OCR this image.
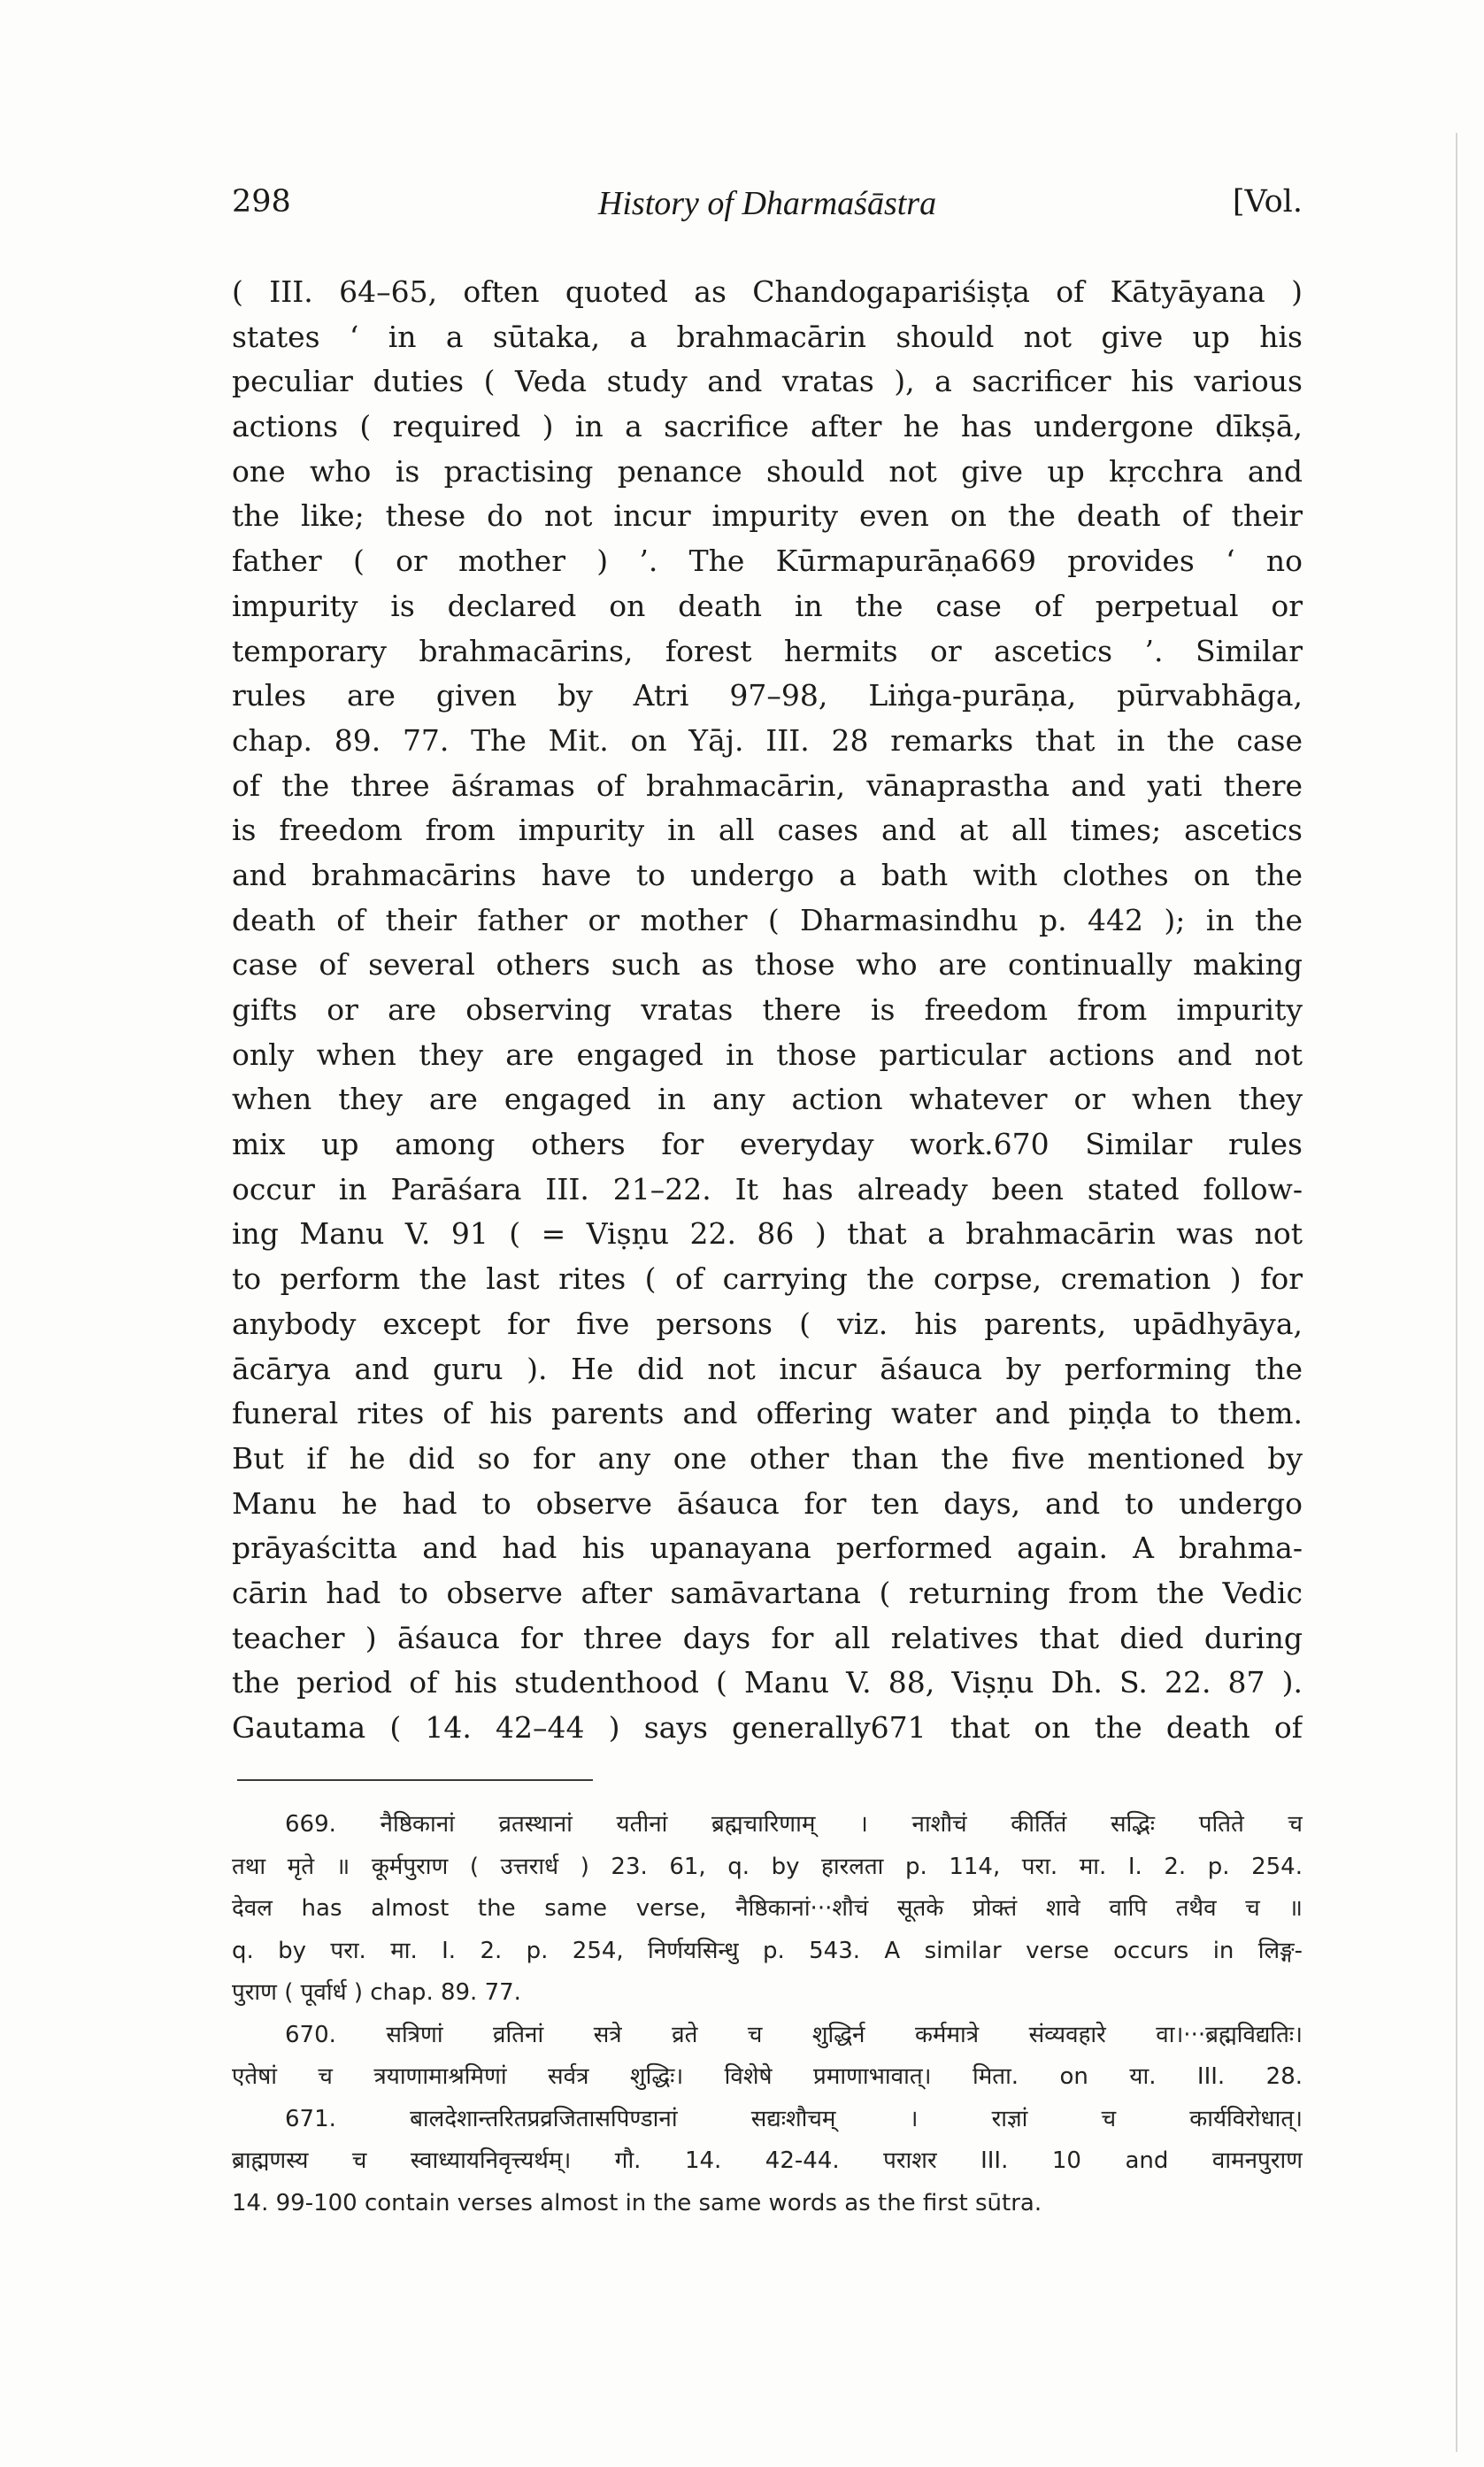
298	History of Dharmaśāstra	[Vol.
( III. 64–65, often quoted as Chandogapariśiṣṭa of Kātyāyana )
states ‘ in a sūtaka, a brahmacārin should not give up his
peculiar duties ( Veda study and vratas ), a sacrificer his various
actions ( required ) in a sacrifice after he has undergone dīkṣā,
one who is practising penance should not give up kṛcchra and
the like; these do not incur impurity even on the death of their
father ( or mother ) ’. The Kūrmapurāṇa669 provides ‘ no
impurity is declared on death in the case of perpetual or
temporary brahmacārins, forest hermits or ascetics ’. Similar
rules are given by Atri 97–98, Liṅga-purāṇa, pūrvabhāga,
chap. 89. 77. The Mit. on Yāj. III. 28 remarks that in the case
of the three āśramas of brahmacārin, vānaprastha and yati there
is freedom from impurity in all cases and at all times; ascetics
and brahmacārins have to undergo a bath with clothes on the
death of their father or mother ( Dharmasindhu p. 442 ); in the
case of several others such as those who are continually making
gifts or are observing vratas there is freedom from impurity
only when they are engaged in those particular actions and not
when they are engaged in any action whatever or when they
mix up among others for everyday work.670 Similar rules
occur in Parāśara III. 21–22. It has already been stated follow-
ing Manu V. 91 ( = Viṣṇu 22. 86 ) that a brahmacārin was not
to perform the last rites ( of carrying the corpse, cremation ) for
anybody except for five persons ( viz. his parents, upādhyāya,
ācārya and guru ). He did not incur āśauca by performing the
funeral rites of his parents and offering water and piṇḍa to them.
But if he did so for any one other than the five mentioned by
Manu he had to observe āśauca for ten days, and to undergo
prāyaścitta and had his upanayana performed again. A brahma-
cārin had to observe after samāvartana ( returning from the Vedic
teacher ) āśauca for three days for all relatives that died during
the period of his studenthood ( Manu V. 88, Viṣṇu Dh. S. 22. 87 ).
Gautama ( 14. 42–44 ) says generally671 that on the death of
669. नैष्ठिकानां व्रतस्थानां यतीनां ब्रह्मचारिणाम् । नाशौचं कीर्तितं सद्भिः पतिते च
तथा मृते ॥ कूर्मपुराण ( उत्तरार्ध ) 23. 61, q. by हारलता p. 114, परा. मा. I. 2. p. 254.
देवल has almost the same verse, नैष्ठिकानां···शौचं सूतके प्रोक्तं शावे वापि तथैव च ॥
q. by परा. मा. I. 2. p. 254, निर्णयसिन्धु p. 543. A similar verse occurs in लिङ्ग-
पुराण ( पूर्वार्ध ) chap. 89. 77.
670. सत्रिणां व्रतिनां सत्रे व्रते च शुद्धिर्न कर्ममात्रे संव्यवहारे वा।···ब्रह्मविद्यतिः।
एतेषां च त्रयाणामाश्रमिणां सर्वत्र शुद्धिः। विशेषे प्रमाणाभावात्। मिता. on या. III. 28.
671. बालदेशान्तरितप्रव्रजितासपिण्डानां सद्यःशौचम् । राज्ञां च कार्यविरोधात्।
ब्राह्मणस्य च स्वाध्यायनिवृत्त्यर्थम्। गौ. 14. 42-44. पराशर III. 10 and वामनपुराण
14. 99-100 contain verses almost in the same words as the first sūtra.
